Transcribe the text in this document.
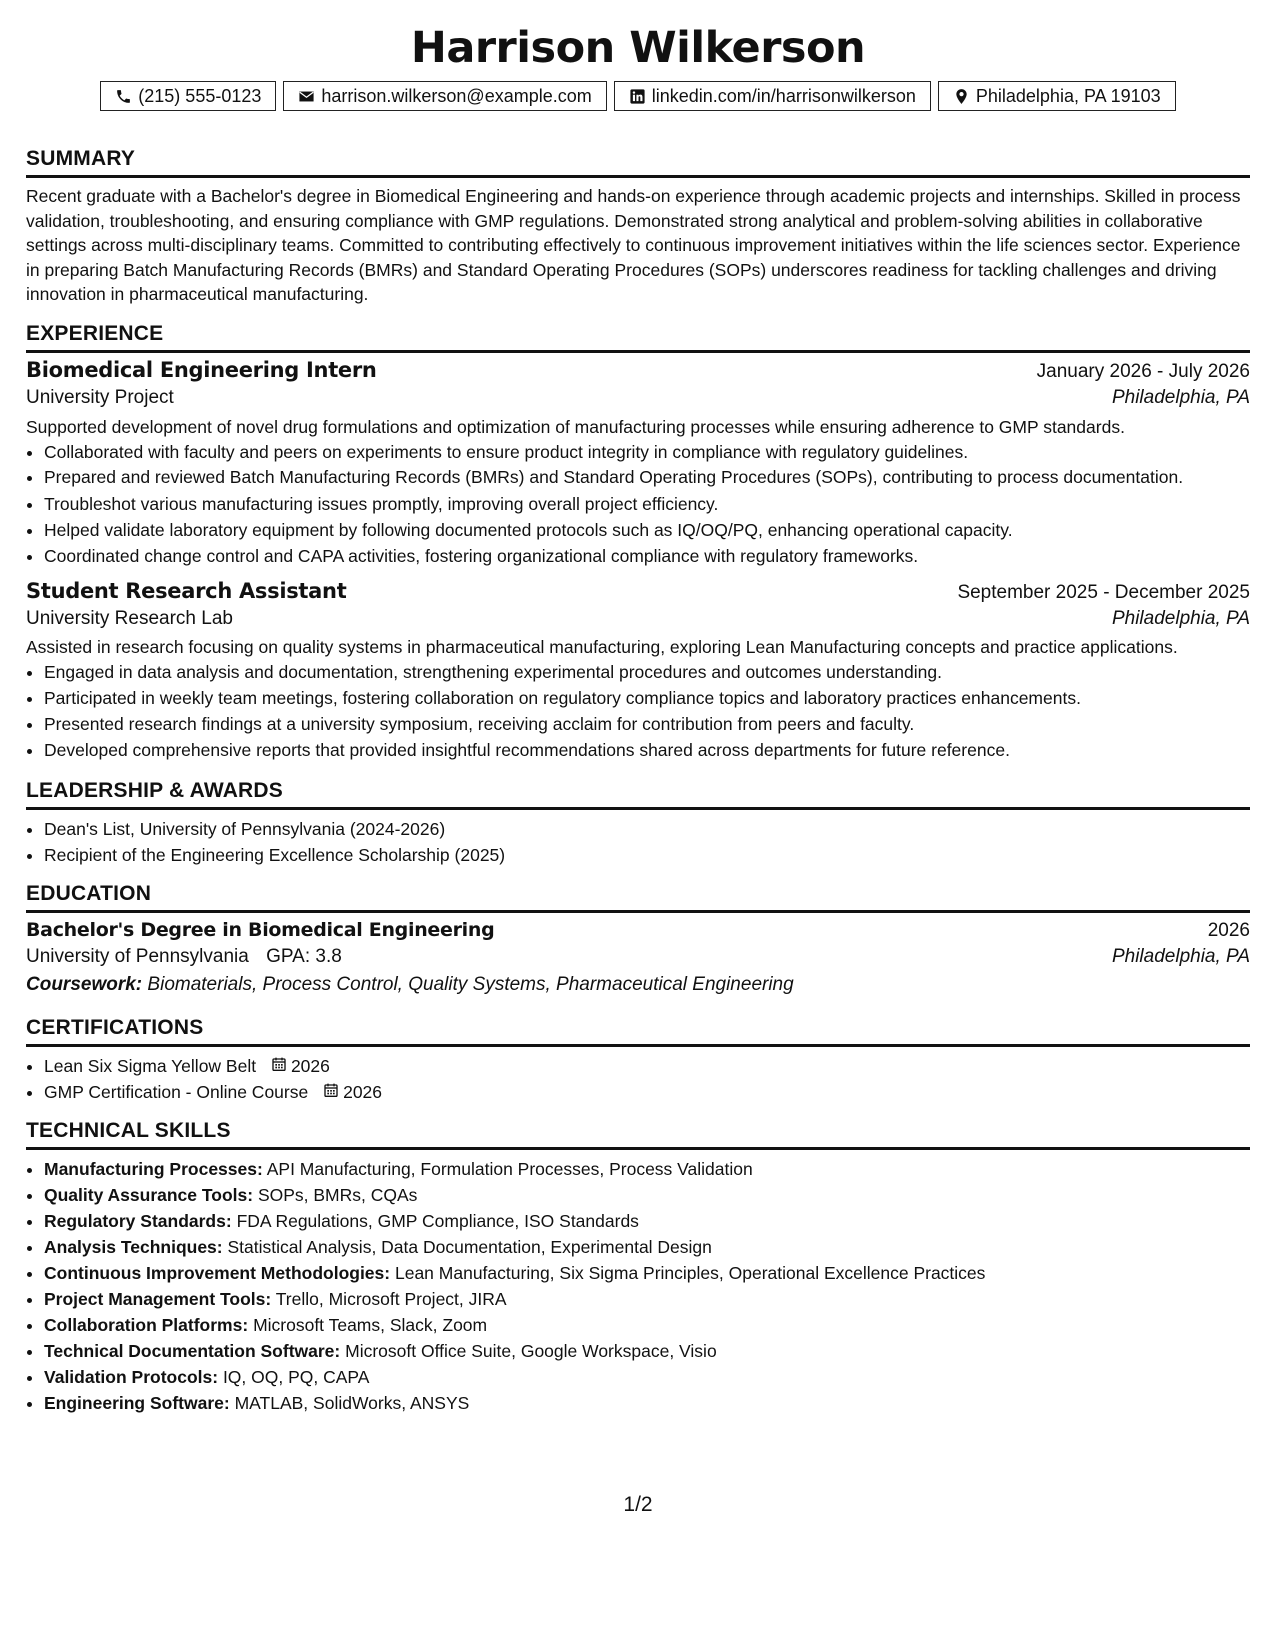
Harrison Wilkerson
(215) 555-0123	harrison.wilkerson@example.com	linkedin.com/in/harrisonwilkerson	Philadelphia, PA 19103
SUMMARY
Recent graduate with a Bachelor's degree in Biomedical Engineering and hands-on experience through academic projects and internships. Skilled in process validation, troubleshooting, and ensuring compliance with GMP regulations. Demonstrated strong analytical and problem-solving abilities in collaborative settings across multi-disciplinary teams. Committed to contributing effectively to continuous improvement initiatives within the life sciences sector. Experience in preparing Batch Manufacturing Records (BMRs) and Standard Operating Procedures (SOPs) underscores readiness for tackling challenges and driving innovation in pharmaceutical manufacturing.
EXPERIENCE
Biomedical Engineering Intern	January 2026 - July 2026
University Project	Philadelphia, PA
Supported development of novel drug formulations and optimization of manufacturing processes while ensuring adherence to GMP standards.
• Collaborated with faculty and peers on experiments to ensure product integrity in compliance with regulatory guidelines.
• Prepared and reviewed Batch Manufacturing Records (BMRs) and Standard Operating Procedures (SOPs), contributing to process documentation.
• Troubleshot various manufacturing issues promptly, improving overall project efficiency.
• Helped validate laboratory equipment by following documented protocols such as IQ/OQ/PQ, enhancing operational capacity.
• Coordinated change control and CAPA activities, fostering organizational compliance with regulatory frameworks.
Student Research Assistant	September 2025 - December 2025
University Research Lab	Philadelphia, PA
Assisted in research focusing on quality systems in pharmaceutical manufacturing, exploring Lean Manufacturing concepts and practice applications.
• Engaged in data analysis and documentation, strengthening experimental procedures and outcomes understanding.
• Participated in weekly team meetings, fostering collaboration on regulatory compliance topics and laboratory practices enhancements.
• Presented research findings at a university symposium, receiving acclaim for contribution from peers and faculty.
• Developed comprehensive reports that provided insightful recommendations shared across departments for future reference.
LEADERSHIP & AWARDS
• Dean's List, University of Pennsylvania (2024-2026)
• Recipient of the Engineering Excellence Scholarship (2025)
EDUCATION
Bachelor's Degree in Biomedical Engineering	2026
University of Pennsylvania GPA: 3.8	Philadelphia, PA
Coursework: Biomaterials, Process Control, Quality Systems, Pharmaceutical Engineering
CERTIFICATIONS
• Lean Six Sigma Yellow Belt 2026
• GMP Certification - Online Course 2026
TECHNICAL SKILLS
• Manufacturing Processes: API Manufacturing, Formulation Processes, Process Validation
• Quality Assurance Tools: SOPs, BMRs, CQAs
• Regulatory Standards: FDA Regulations, GMP Compliance, ISO Standards
• Analysis Techniques: Statistical Analysis, Data Documentation, Experimental Design
• Continuous Improvement Methodologies: Lean Manufacturing, Six Sigma Principles, Operational Excellence Practices
• Project Management Tools: Trello, Microsoft Project, JIRA
• Collaboration Platforms: Microsoft Teams, Slack, Zoom
• Technical Documentation Software: Microsoft Office Suite, Google Workspace, Visio
• Validation Protocols: IQ, OQ, PQ, CAPA
• Engineering Software: MATLAB, SolidWorks, ANSYS
1/2
